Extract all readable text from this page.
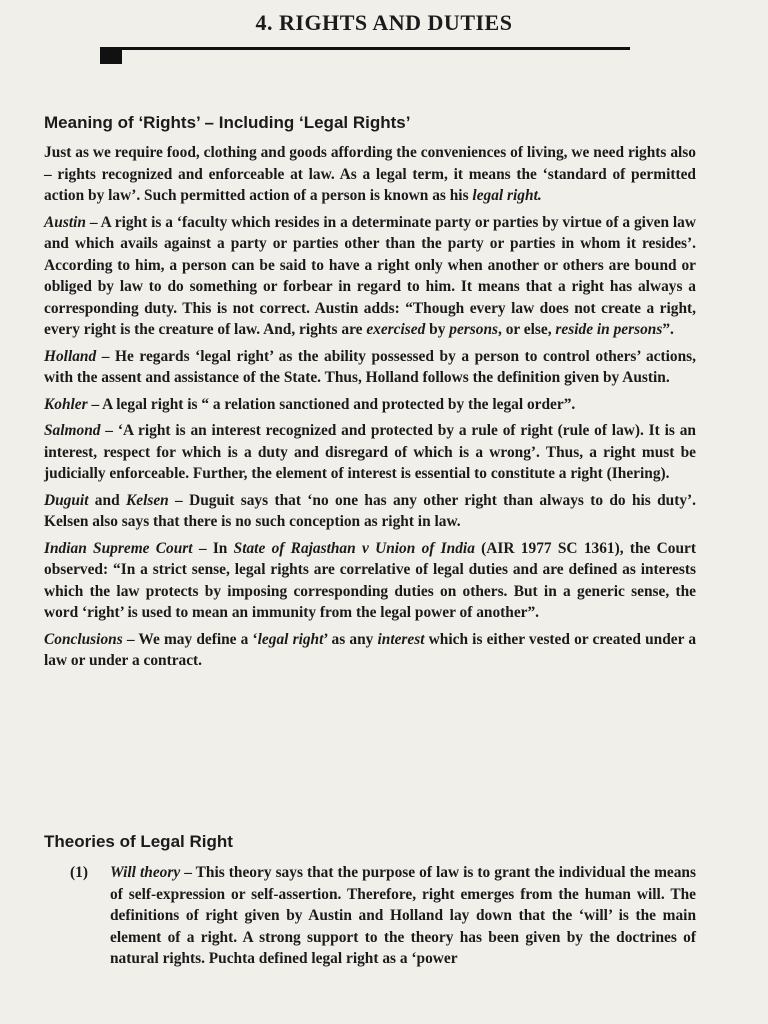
4. RIGHTS AND DUTIES
Meaning of ‘Rights’ – Including ‘Legal Rights’

Just as we require food, clothing and goods affording the conveniences of living, we need rights also – rights recognized and enforceable at law. As a legal term, it means the ‘standard of permitted action by law’. Such permitted action of a person is known as his legal right.

Austin – A right is a ‘faculty which resides in a determinate party or parties by virtue of a given law and which avails against a party or parties other than the party or parties in whom it resides’. According to him, a person can be said to have a right only when another or others are bound or obliged by law to do something or forbear in regard to him. It means that a right has always a corresponding duty. This is not correct. Austin adds: “Though every law does not create a right, every right is the creature of law. And, rights are exercised by persons, or else, reside in persons”.

Holland – He regards ‘legal right’ as the ability possessed by a person to control others’ actions, with the assent and assistance of the State. Thus, Holland follows the definition given by Austin.

Kohler – A legal right is “ a relation sanctioned and protected by the legal order”.

Salmond – ‘A right is an interest recognized and protected by a rule of right (rule of law). It is an interest, respect for which is a duty and disregard of which is a wrong’. Thus, a right must be judicially enforceable. Further, the element of interest is essential to constitute a right (Ihering).

Duguit and Kelsen – Duguit says that ‘no one has any other right than always to do his duty’. Kelsen also says that there is no such conception as right in law.

Indian Supreme Court – In State of Rajasthan v Union of India (AIR 1977 SC 1361), the Court observed: “In a strict sense, legal rights are correlative of legal duties and are defined as interests which the law protects by imposing corresponding duties on others. But in a generic sense, the word ‘right’ is used to mean an immunity from the legal power of another”.

Conclusions – We may define a ‘legal right’ as any interest which is either vested or created under a law or under a contract.

Theories of Legal Right
(1) Will theory – This theory says that the purpose of law is to grant the individual the means of self-expression or self-assertion. Therefore, right emerges from the human will. The definitions of right given by Austin and Holland lay down that the ‘will’ is the main element of a right. A strong support to the theory has been given by the doctrines of natural rights. Puchta defined legal right as a ‘power
